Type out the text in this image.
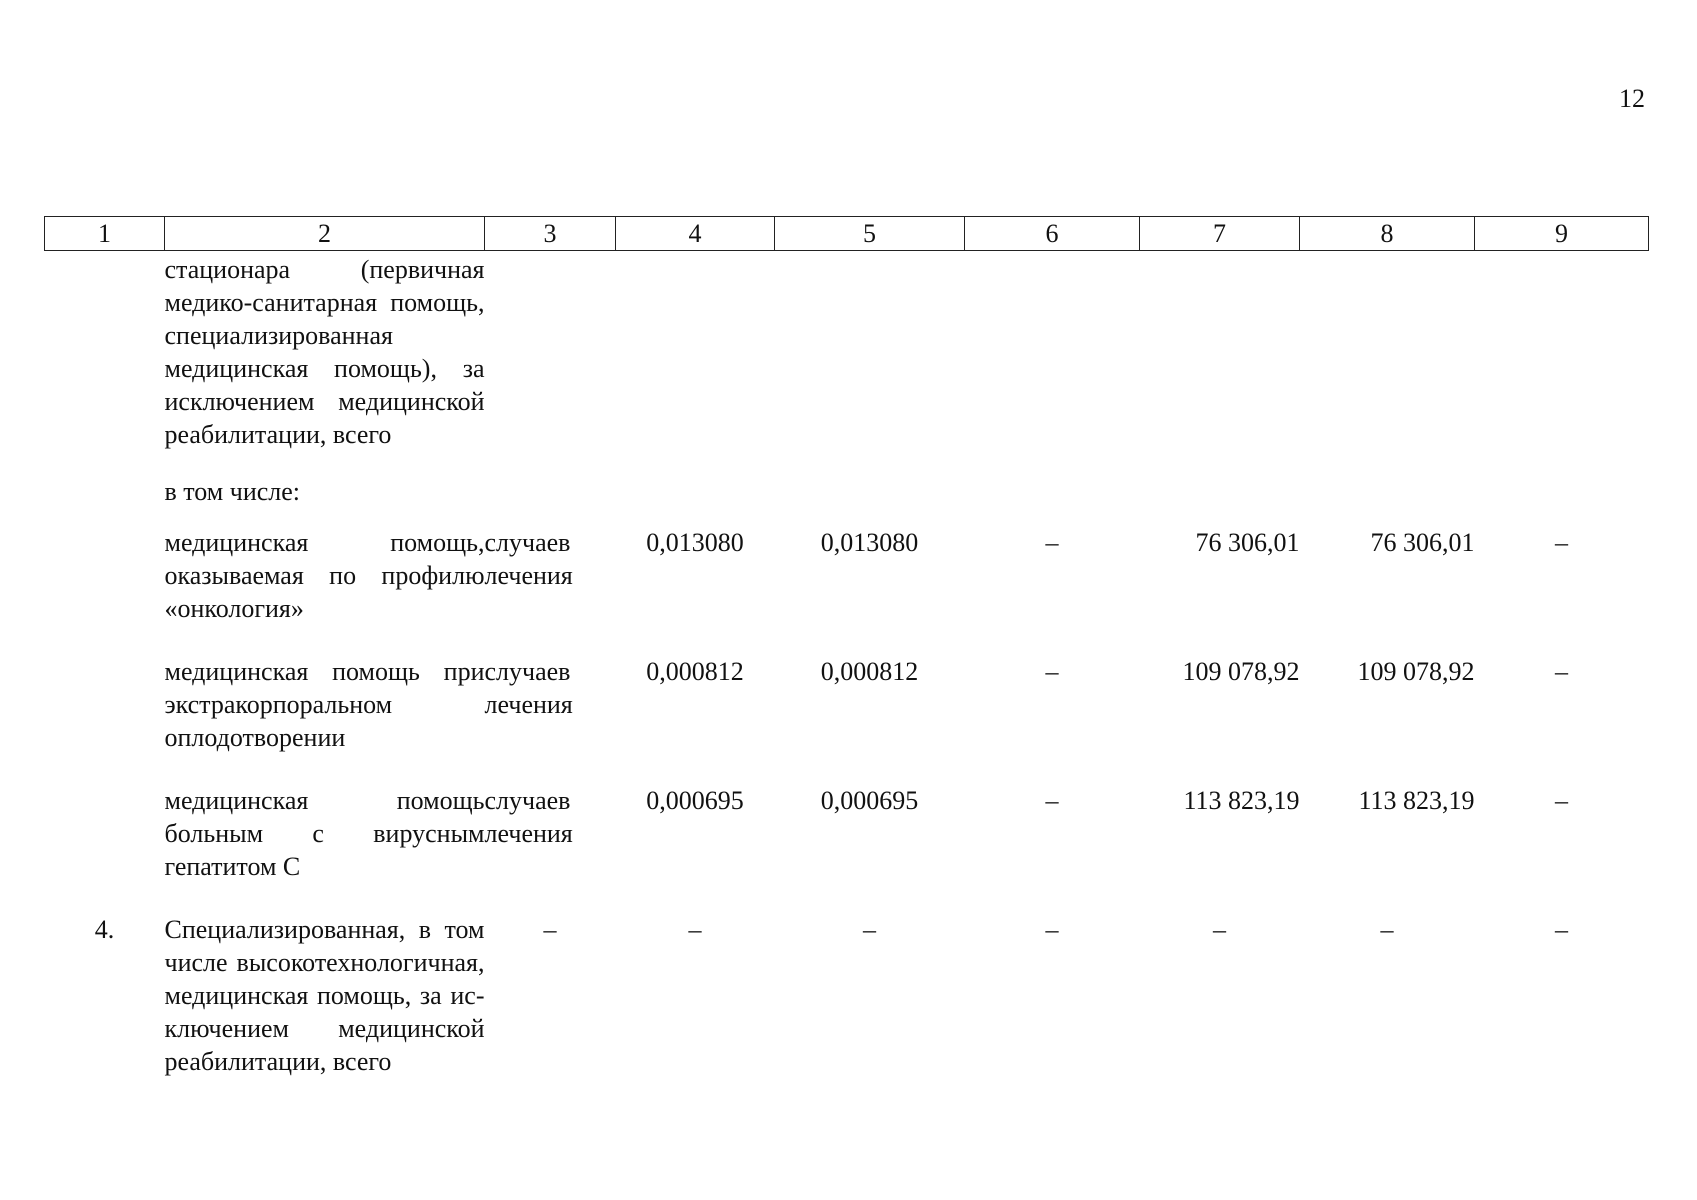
12
1	2	3	4	5	6	7	8	9
	стационара (первичная медико-санитарная помощь, специализированная медицинская помощь), за исключением медицинской реабилитации, всего							
	в том числе:							
	медицинская помощь, оказываемая по профилю «онкология»	случаев лечения	0,013080	0,013080	–	76 306,01	76 306,01	–
	медицинская помощь при экстракорпоральном оплодотворении	случаев лечения	0,000812	0,000812	–	109 078,92	109 078,92	–
	медицинская помощь больным с вирусным гепатитом С	случаев лечения	0,000695	0,000695	–	113 823,19	113 823,19	–
4.	Специализированная, в том числе высокотехнологичная, медицинская помощь, за исключением медицинской реабилитации, всего	–	–	–	–	–	–	–
